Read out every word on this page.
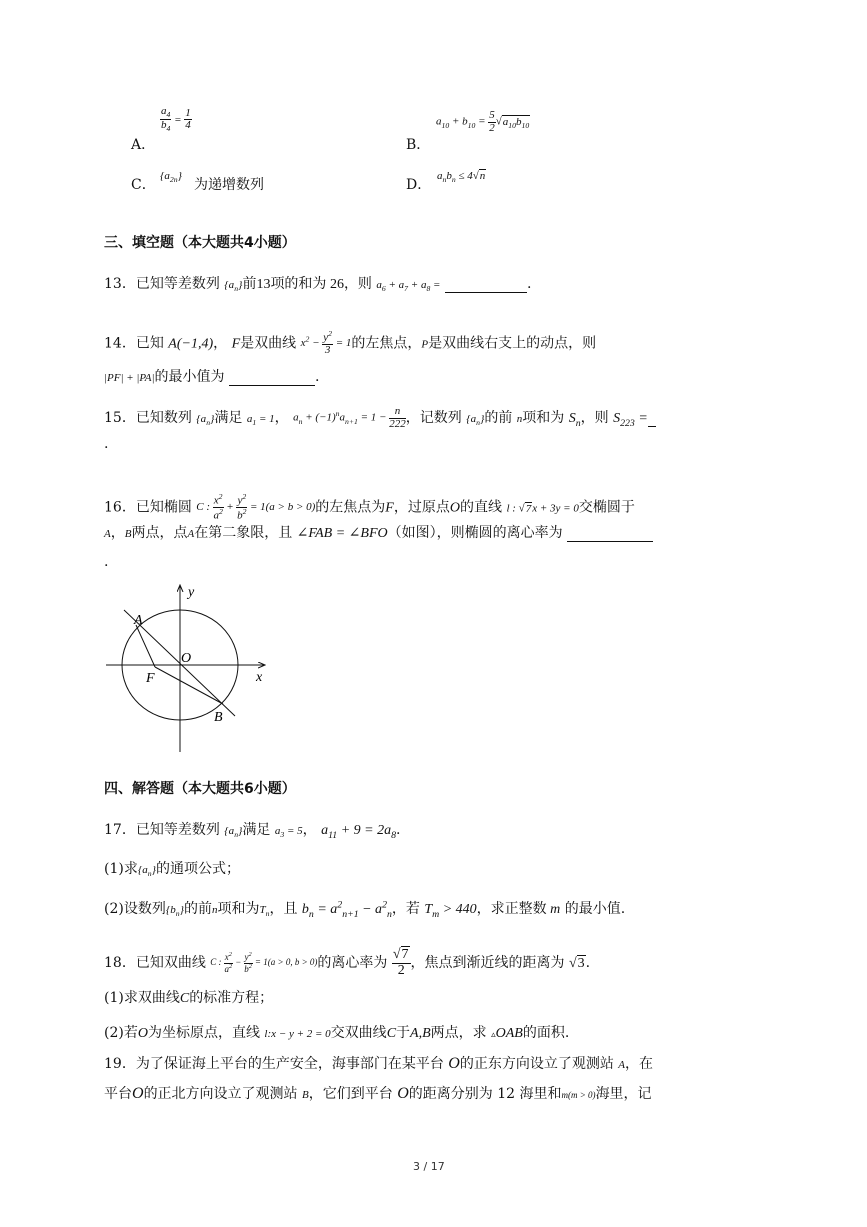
A．
$\frac{a_4}{b_4} = \frac{1}{4}$
B．
$a_{10} + b_{10} = \frac{5}{2} √a_{10}b_{10}$
C．
$\{a_{2n}\}$
为递增数列	D．
$a_nb_n \le 4√n$
三、填空题（本大题共4小题）
13．已知等差数列 $\{a_n\}$前13项的和为 26，则 $a_6 + a_7 + a_8$ =	.
14．已知 A(−1,4)， F是双曲线 $x^2 - \frac{y^2}{3} = 1$的左焦点，P是双曲线右支上的动点，则
|PF| + |PA|的最小值为	.
15．已知数列 $\{a_n\}$满足 $a_1 = 1$， $a_n + (-1)^na_{n+1} = 1 - \frac{n}{222}$ ，记数列 $\{a_n\}$的前 n项和为 $S_n$，则 $S_{223}$ =
.
16．已知椭圆 C : $\frac{x^2}{a^2} + \frac{y^2}{b^2} = 1(a > b > 0)$的左焦点为F，过原点O的直线 l : √7x + 3y = 0交椭圆于
A，B两点，点A在第二象限，且 ∠FAB = ∠BFO（如图），则椭圆的离心率为
.
y
x
O
A
F
B
四、解答题（本大题共6小题）
17．已知等差数列 $\{a_n\}$满足 $a_3 = 5$， $a_{11} + 9 = 2a_8$.
(1)求$\{a_n\}$的通项公式；
(2)设数列$\{b_n\}$的前n项和为$T_n$，且 $b_n = a^2_{n+1} - a^2_n$，若 $T_m > 440$，求正整数 m 的最小值.
18．已知双曲线 C : $\frac{x^2}{a^2} - \frac{y^2}{b^2} = 1(a > 0$, b > 0)的离心率为 $\frac{√7}{2}$ ，焦点到渐近线的距离为 √3.
(1)求双曲线C的标准方程；
(2)若O为坐标原点，直线 l:x − y + 2 = 0交双曲线C于A,B两点，求 ▵OAB的面积.
19．为了保证海上平台的生产安全，海事部门在某平台 O的正东方向设立了观测站 A，在
平台O的正北方向设立了观测站 B，它们到平台 O的距离分别为 12 海里和m(m > 0)海里，记
3 / 17
